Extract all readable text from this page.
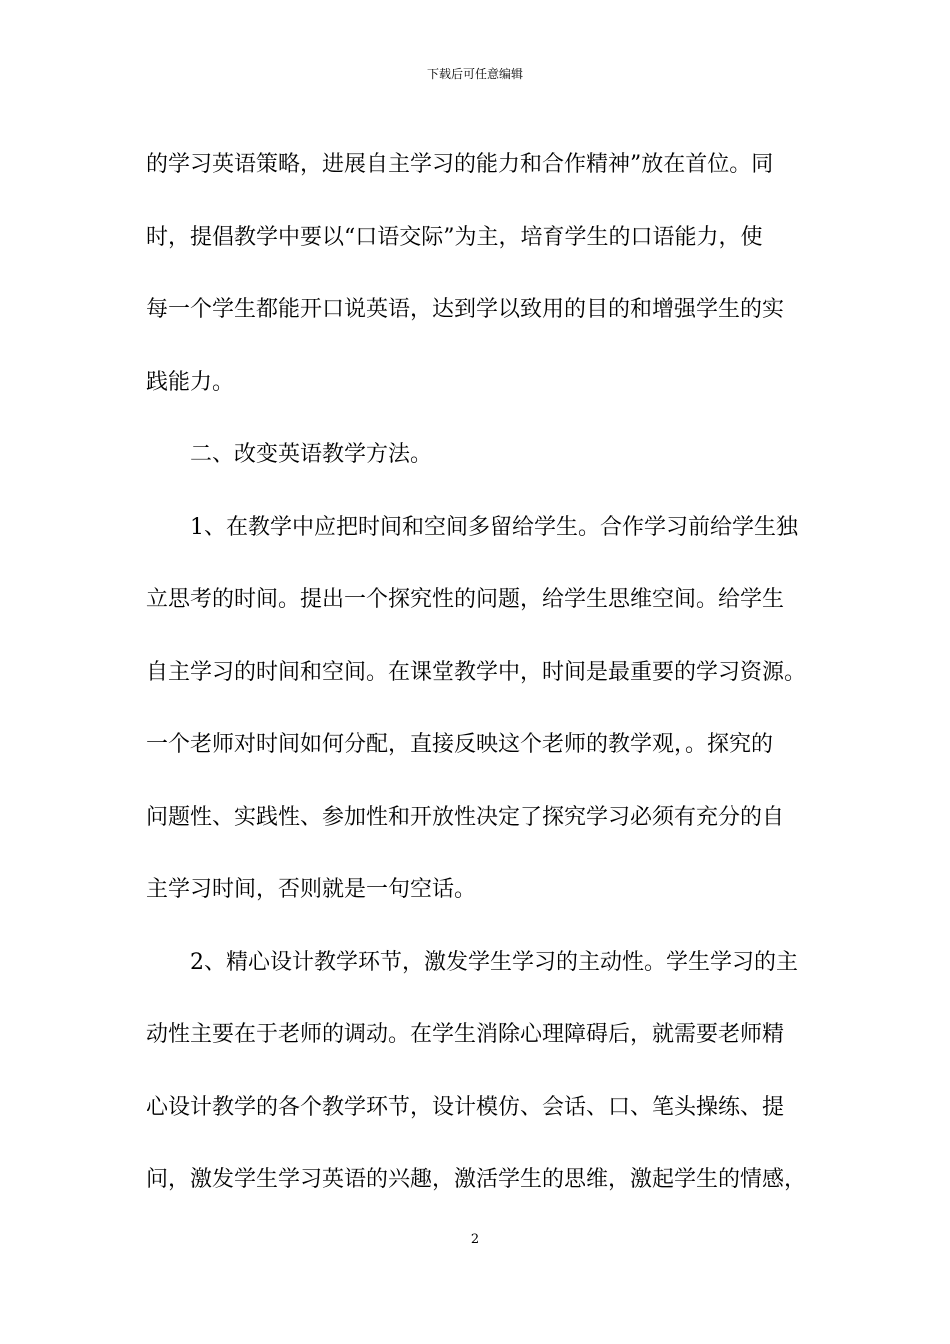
下载后可任意编辑
的学习英语策略，进展自主学习的能力和合作精神”放在首位。同
时，提倡教学中要以“口语交际”为主，培育学生的口语能力，使
每一个学生都能开口说英语，达到学以致用的目的和增强学生的实
践能力。
　　二、改变英语教学方法。
　　1、在教学中应把时间和空间多留给学生。合作学习前给学生独
立思考的时间。提出一个探究性的问题，给学生思维空间。给学生
自主学习的时间和空间。在课堂教学中，时间是最重要的学习资源。
一个老师对时间如何分配，直接反映这个老师的教学观，。探究的
问题性、实践性、参加性和开放性决定了探究学习必须有充分的自
主学习时间，否则就是一句空话。
　　2、精心设计教学环节，激发学生学习的主动性。学生学习的主
动性主要在于老师的调动。在学生消除心理障碍后，就需要老师精
心设计教学的各个教学环节，设计模仿、会话、口、笔头操练、提
问，激发学生学习英语的兴趣，激活学生的思维，激起学生的情感，
2
